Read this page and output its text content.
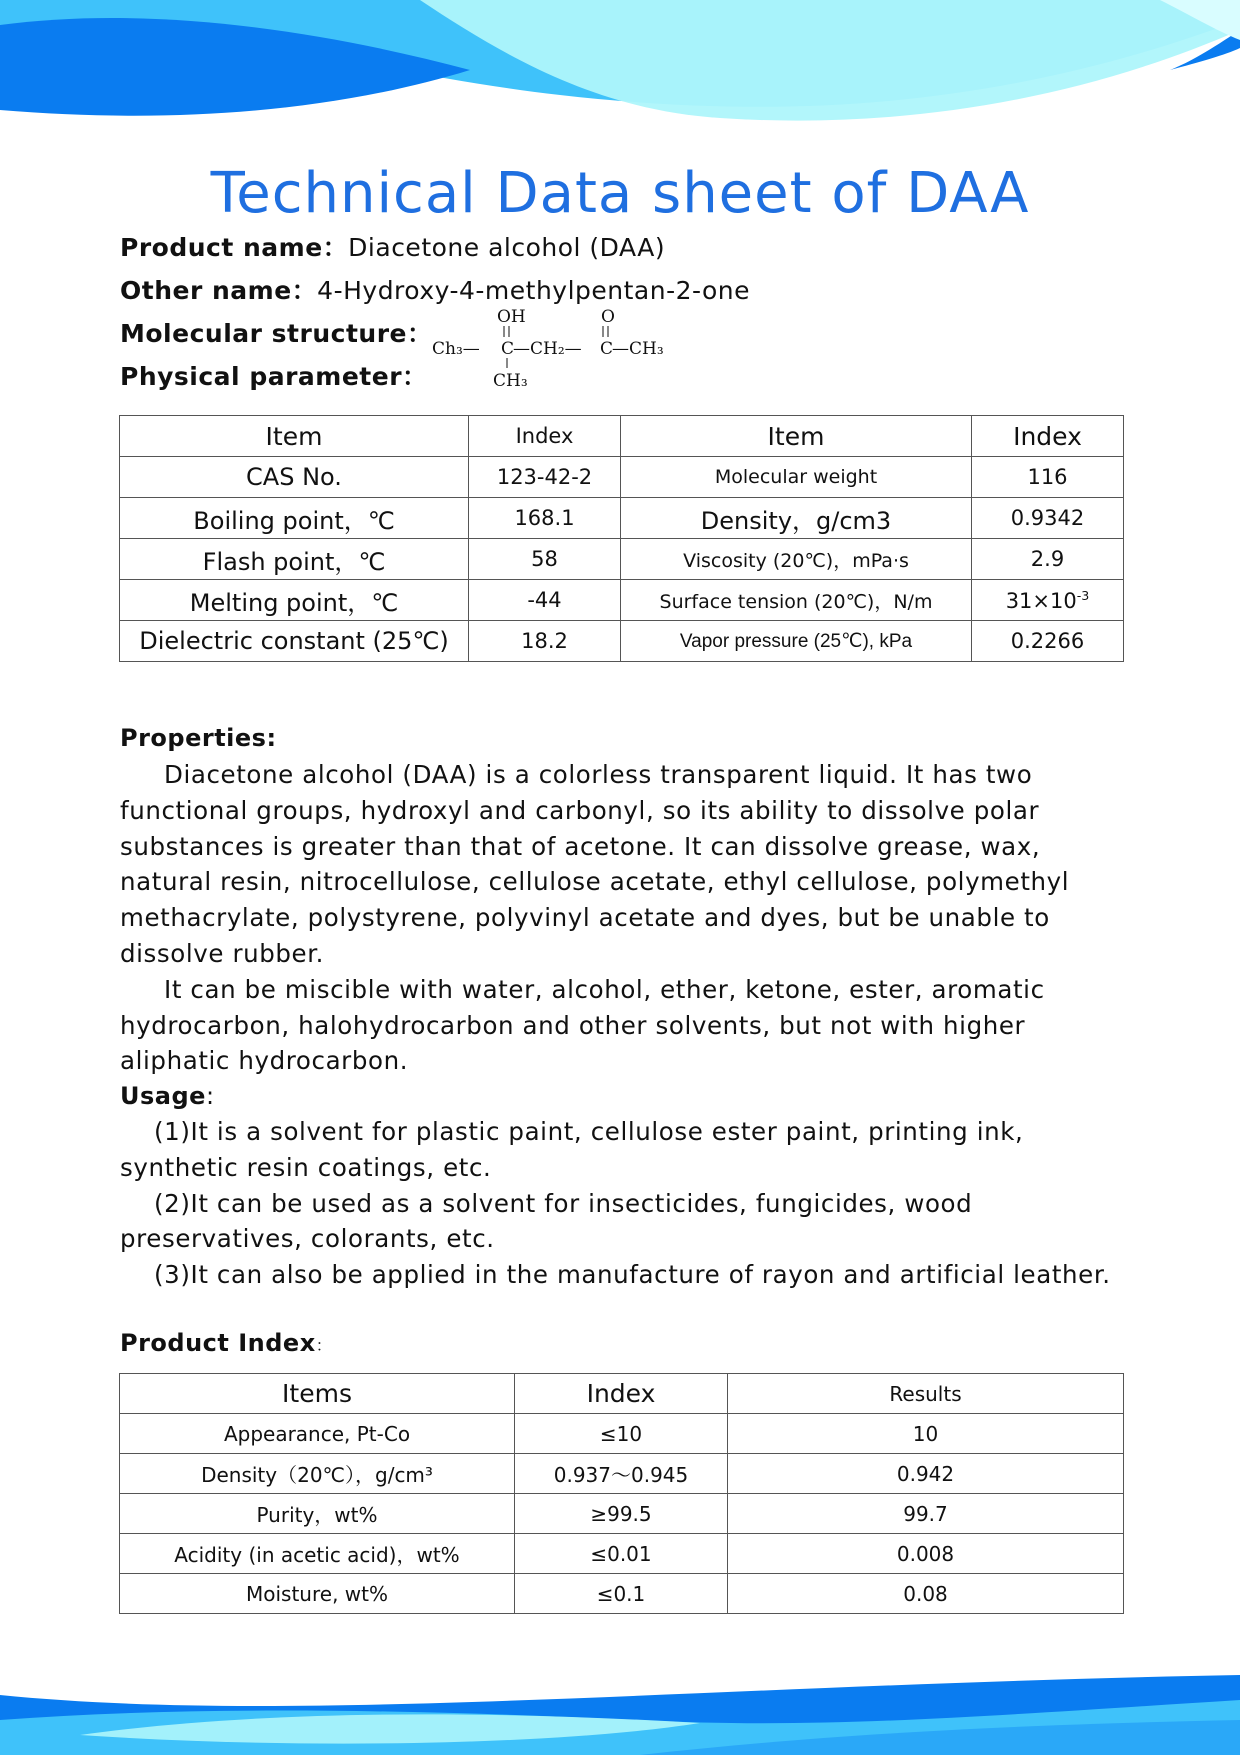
Technical Data sheet of DAA
Product name：Diacetone alcohol (DAA)
Other name：4-Hydroxy-4-methylpentan-2-one
Molecular structure：
Physical parameter：
Ch₃—
OH
C
—CH₂—
O
C
—CH₃
CH₃
Item	Index	Item	Index
CAS No.	123-42-2	Molecular weight	116
Boiling point，℃	168.1	Density，g/cm3	0.9342
Flash point，℃	58	Viscosity (20℃)，mPa·s	2.9
Melting point，℃	-44	Surface tension (20℃)，N/m	$31\times 10^{-3}$
Dielectric constant (25℃)	18.2	Vapor pressure (25℃), kPa	0.2266
Properties:

Diacetone alcohol (DAA) is a colorless transparent liquid. It has two functional groups, hydroxyl and carbonyl, so its ability to dissolve polar substances is greater than that of acetone. It can dissolve grease, wax, natural resin, nitrocellulose, cellulose acetate, ethyl cellulose, polymethyl methacrylate, polystyrene, polyvinyl acetate and dyes, but be unable to dissolve rubber.

It can be miscible with water, alcohol, ether, ketone, ester, aromatic hydrocarbon, halohydrocarbon and other solvents, but not with higher aliphatic hydrocarbon.

Usage:

(1)It is a solvent for plastic paint, cellulose ester paint, printing ink, synthetic resin coatings, etc.

(2)It can be used as a solvent for insecticides, fungicides, wood preservatives, colorants, etc.

(3)It can also be applied in the manufacture of rayon and artificial leather.

Product Index：
Items	Index	Results
Appearance, Pt-Co	≤10	10
Density（20℃），g/cm³	0.937～0.945	0.942
Purity，wt%	≥99.5	99.7
Acidity (in acetic acid)，wt%	≤0.01	0.008
Moisture, wt%	≤0.1	0.08
